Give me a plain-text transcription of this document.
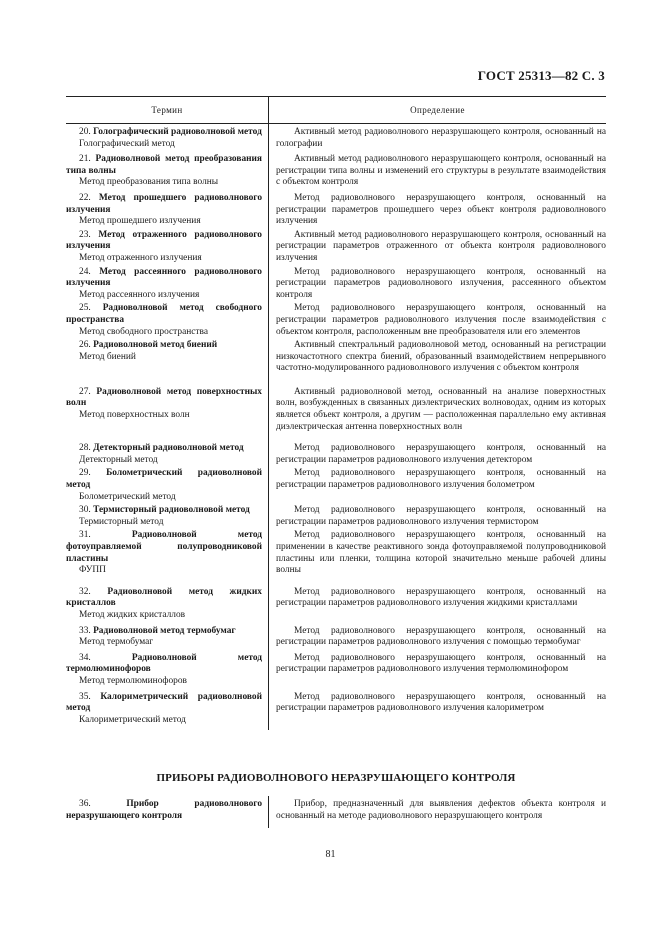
ГОСТ 25313—82 С. 3
Термин	Определение
20. Голографический радиоволновой метод
Голографический метод

Активный метод радиоволнового неразрушающего контроля, основанный на голографии

21. Радиоволновой метод преобразования типа волны
Метод преобразования типа волны

Активный метод радиоволнового неразрушающего контроля, основанный на регистрации типа волны и изменений его структуры в результате взаимодействия с объектом контроля

22. Метод прошедшего радиоволнового излучения
Метод прошедшего излучения

Метод радиоволнового неразрушающего контроля, основанный на регистрации параметров прошедшего через объект контроля радиоволнового излучения

23. Метод отраженного радиоволнового излучения
Метод отраженного излучения

Активный метод радиоволнового неразрушающего контроля, основанный на регистрации параметров отраженного от объекта контроля радиоволнового излучения

24. Метод рассеянного радиоволнового излучения
Метод рассеянного излучения

Метод радиоволнового неразрушающего контроля, основанный на регистрации параметров радиоволнового излучения, рассеянного объектом контроля

25. Радиоволновой метод свободного пространства
Метод свободного пространства

Метод радиоволнового неразрушающего контроля, основанный на регистрации параметров радиоволнового излучения после взаимодействия с объектом контроля, расположенным вне преобразователя или его элементов

26. Радиоволновой метод биений
Метод биений

Активный спектральный радиоволновой метод, основанный на регистрации низкочастотного спектра биений, образованный взаимодействием непрерывного частотно-модулированного радиоволнового излучения с объектом контроля

27. Радиоволновой метод поверхностных волн
Метод поверхностных волн

Активный радиоволновой метод, основанный на анализе поверхностных волн, возбужденных в связанных диэлектрических волноводах, одним из которых является объект контроля, а другим — расположенная параллельно ему активная диэлектрическая антенна поверхностных волн

28. Детекторный радиоволновой метод
Детекторный метод

Метод радиоволнового неразрушающего контроля, основанный на регистрации параметров радиоволнового излучения детектором

29. Болометрический радиоволновой метод
Болометрический метод

Метод радиоволнового неразрушающего контроля, основанный на регистрации параметров радиоволнового излучения болометром

30. Термисторный радиоволновой метод
Термисторный метод

Метод радиоволнового неразрушающего контроля, основанный на регистрации параметров радиоволнового излучения термистором

31.	Радиоволновой метод фотоуправляемой полупроводниковой пластины
ФУПП

Метод радиоволнового неразрушающего контроля, основанный на применении в качестве реактивного зонда фотоуправляемой полупроводниковой пластины или пленки, толщина которой значительно меньше рабочей длины волны

32. Радиоволновой метод жидких кристаллов
Метод жидких кристаллов

Метод радиоволнового неразрушающего контроля, основанный на регистрации параметров радиоволнового излучения жидкими кристаллами

33. Радиоволновой метод термобумаг
Метод термобумаг

Метод радиоволнового неразрушающего контроля, основанный на регистрации параметров радиоволнового излучения с помощью термобумаг

34.	Радиоволновой метод термолюминофоров
Метод термолюминофоров

Метод радиоволнового неразрушающего контроля, основанный на регистрации параметров радиоволнового излучения термолюминофором

35. Калориметрический радиоволновой метод
Калориметрический метод

Метод радиоволнового неразрушающего контроля, основанный на регистрации параметров радиоволнового излучения калориметром

ПРИБОРЫ РАДИОВОЛНОВОГО НЕРАЗРУШАЮЩЕГО КОНТРОЛЯ
36.	Прибор радиоволнового неразрушающего контроля

Прибор, предназначенный для выявления дефектов объекта контроля и основанный на методе радиоволнового неразрушающего контроля

81
